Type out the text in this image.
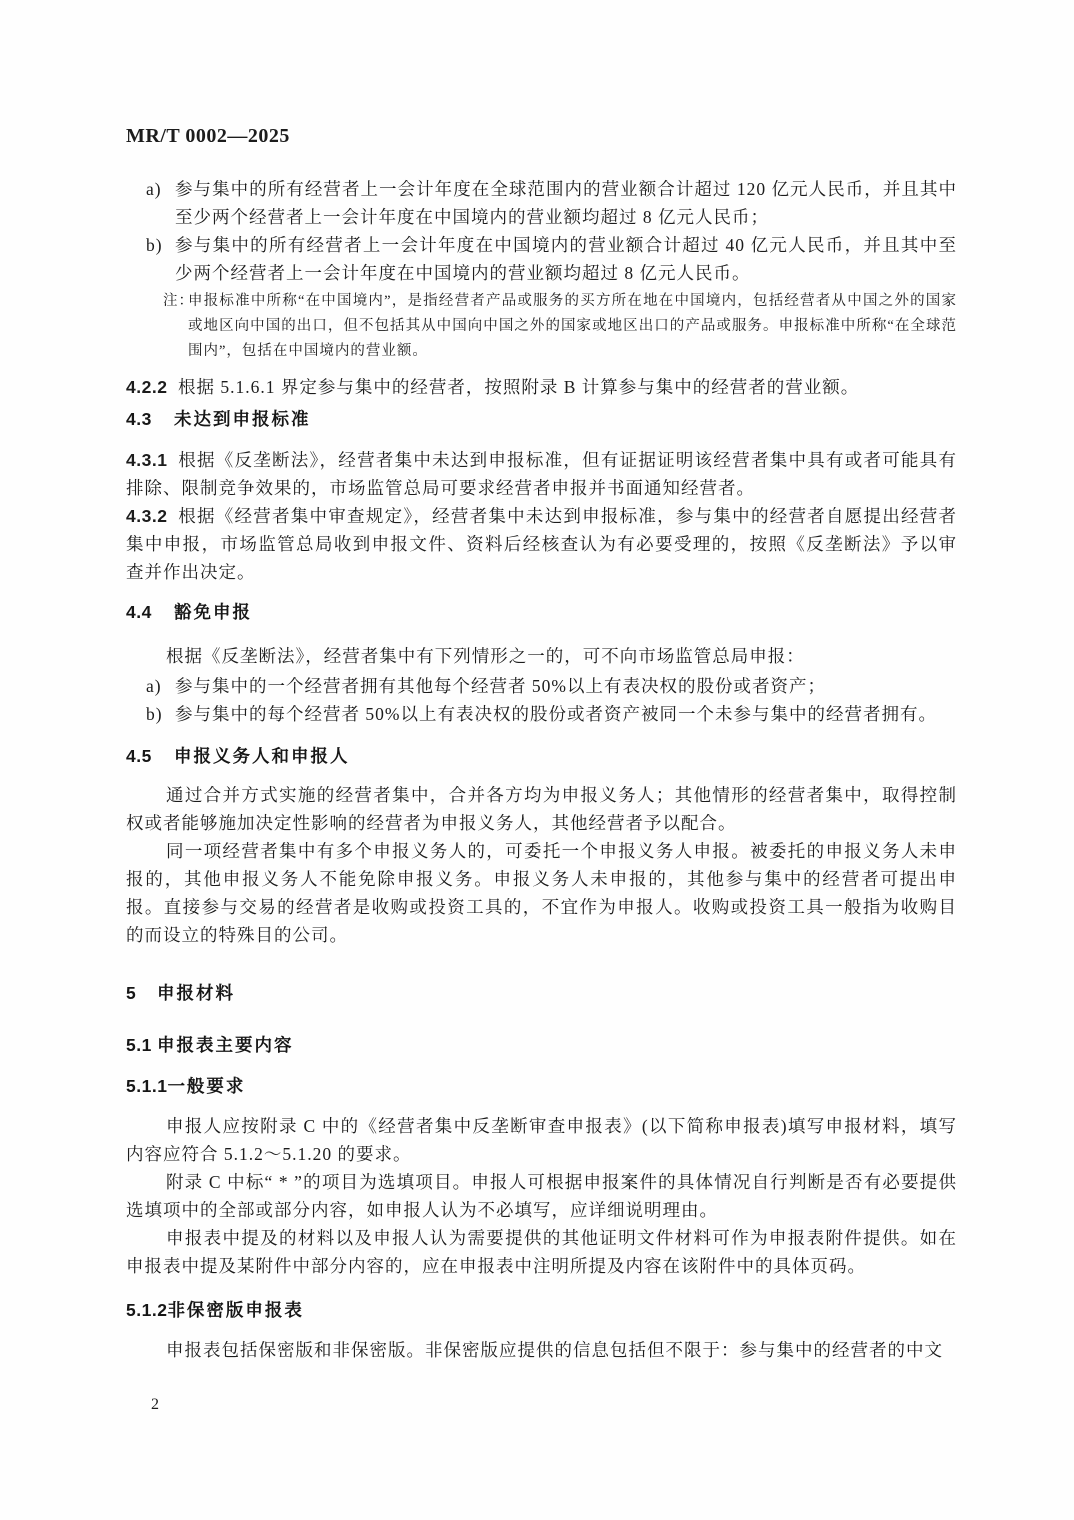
MR/T 0002—2025
a) 参与集中的所有经营者上一会计年度在全球范围内的营业额合计超过 120 亿元人民币，并且其中至少两个经营者上一会计年度在中国境内的营业额均超过 8 亿元人民币；
b) 参与集中的所有经营者上一会计年度在中国境内的营业额合计超过 40 亿元人民币，并且其中至少两个经营者上一会计年度在中国境内的营业额均超过 8 亿元人民币。
注：
申报标准中所称“在中国境内”，是指经营者产品或服务的买方所在地在中国境内，包括经营者从中国之外的国家或地区向中国的出口，但不包括其从中国向中国之外的国家或地区出口的产品或服务。申报标准中所称“在全球范围内”，包括在中国境内的营业额。

4.2.2 根据 5.1.6.1 界定参与集中的经营者，按照附录 B 计算参与集中的经营者的营业额。

4.3 未达到申报标准

4.3.1 根据《反垄断法》，经营者集中未达到申报标准，但有证据证明该经营者集中具有或者可能具有排除、限制竞争效果的，市场监管总局可要求经营者申报并书面通知经营者。

4.3.2 根据《经营者集中审查规定》，经营者集中未达到申报标准，参与集中的经营者自愿提出经营者集中申报，市场监管总局收到申报文件、资料后经核查认为有必要受理的，按照《反垄断法》予以审查并作出决定。

4.4 豁免申报

根据《反垄断法》，经营者集中有下列情形之一的，可不向市场监管总局申报：

a) 参与集中的一个经营者拥有其他每个经营者 50%以上有表决权的股份或者资产；
b) 参与集中的每个经营者 50%以上有表决权的股份或者资产被同一个未参与集中的经营者拥有。
4.5 申报义务人和申报人

通过合并方式实施的经营者集中，合并各方均为申报义务人；其他情形的经营者集中，取得控制权或者能够施加决定性影响的经营者为申报义务人，其他经营者予以配合。

同一项经营者集中有多个申报义务人的，可委托一个申报义务人申报。被委托的申报义务人未申报的，其他申报义务人不能免除申报义务。申报义务人未申报的，其他参与集中的经营者可提出申报。直接参与交易的经营者是收购或投资工具的，不宜作为申报人。收购或投资工具一般指为收购目的而设立的特殊目的公司。

5 申报材料
5.1 申报表主要内容
5.1.1一般要求

申报人应按附录 C 中的《经营者集中反垄断审查申报表》(以下简称申报表)填写申报材料，填写内容应符合 5.1.2～5.1.20 的要求。

附录 C 中标“ * ”的项目为选填项目。申报人可根据申报案件的具体情况自行判断是否有必要提供选填项中的全部或部分内容，如申报人认为不必填写，应详细说明理由。

申报表中提及的材料以及申报人认为需要提供的其他证明文件材料可作为申报表附件提供。如在申报表中提及某附件中部分内容的，应在申报表中注明所提及内容在该附件中的具体页码。

5.1.2非保密版申报表

申报表包括保密版和非保密版。非保密版应提供的信息包括但不限于：参与集中的经营者的中文

2
